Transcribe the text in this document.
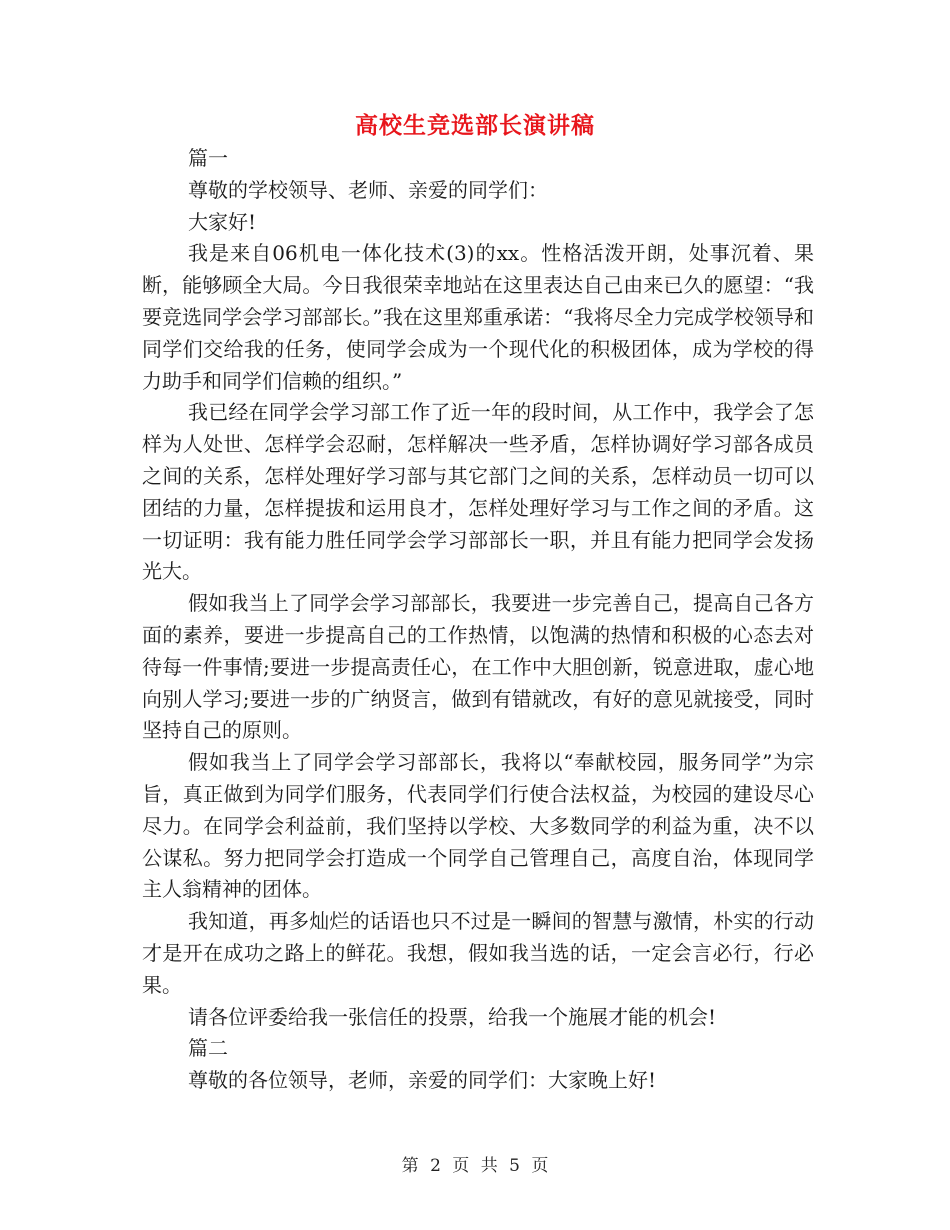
高校生竞选部长演讲稿

篇一

尊敬的学校领导、老师、亲爱的同学们：

大家好!

我是来自06机电一体化技术(3)的xx。性格活泼开朗，处事沉着、果断，能够顾全大局。今日我很荣幸地站在这里表达自己由来已久的愿望：“我要竞选同学会学习部部长。”我在这里郑重承诺：“我将尽全力完成学校领导和同学们交给我的任务，使同学会成为一个现代化的积极团体，成为学校的得力助手和同学们信赖的组织。”

我已经在同学会学习部工作了近一年的段时间，从工作中，我学会了怎样为人处世、怎样学会忍耐，怎样解决一些矛盾，怎样协调好学习部各成员之间的关系，怎样处理好学习部与其它部门之间的关系，怎样动员一切可以团结的力量，怎样提拔和运用良才，怎样处理好学习与工作之间的矛盾。这一切证明：我有能力胜任同学会学习部部长一职，并且有能力把同学会发扬光大。

假如我当上了同学会学习部部长，我要进一步完善自己，提高自己各方面的素养，要进一步提高自己的工作热情，以饱满的热情和积极的心态去对待每一件事情;要进一步提高责任心，在工作中大胆创新，锐意进取，虚心地向别人学习;要进一步的广纳贤言，做到有错就改，有好的意见就接受，同时坚持自己的原则。

假如我当上了同学会学习部部长，我将以“奉献校园，服务同学”为宗旨，真正做到为同学们服务，代表同学们行使合法权益，为校园的建设尽心尽力。在同学会利益前，我们坚持以学校、大多数同学的利益为重，决不以公谋私。努力把同学会打造成一个同学自己管理自己，高度自治，体现同学主人翁精神的团体。

我知道，再多灿烂的话语也只不过是一瞬间的智慧与激情，朴实的行动才是开在成功之路上的鲜花。我想，假如我当选的话，一定会言必行，行必果。

请各位评委给我一张信任的投票，给我一个施展才能的机会!

篇二

尊敬的各位领导，老师，亲爱的同学们：大家晚上好!

第 2 页 共 5 页
